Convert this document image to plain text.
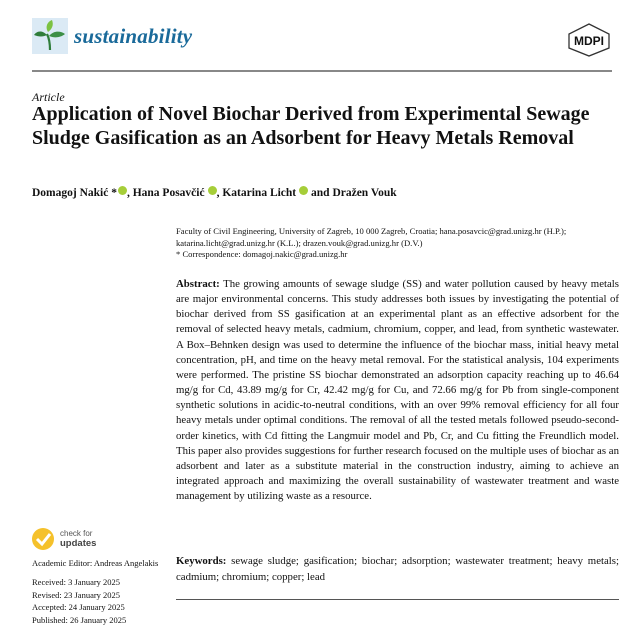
sustainability	MDPI
Article
Application of Novel Biochar Derived from Experimental Sewage Sludge Gasification as an Adsorbent for Heavy Metals Removal
Domagoj Nakić * , Hana Posavčić , Katarina Licht and Dražen Vouk
Faculty of Civil Engineering, University of Zagreb, 10 000 Zagreb, Croatia; hana.posavcic@grad.unizg.hr (H.P.); katarina.licht@grad.unizg.hr (K.L.); drazen.vouk@grad.unizg.hr (D.V.)
* Correspondence: domagoj.nakic@grad.unizg.hr
Abstract: The growing amounts of sewage sludge (SS) and water pollution caused by heavy metals are major environmental concerns. This study addresses both issues by investigating the potential of biochar derived from SS gasification at an experimental plant as an effective adsorbent for the removal of selected heavy metals, cadmium, chromium, copper, and lead, from synthetic wastewater. A Box–Behnken design was used to determine the influence of the biochar mass, initial heavy metal concentration, pH, and time on the heavy metal removal. For the statistical analysis, 104 experiments were performed. The pristine SS biochar demonstrated an adsorption capacity reaching up to 46.64 mg/g for Cd, 43.89 mg/g for Cr, 42.42 mg/g for Cu, and 72.66 mg/g for Pb from single-component synthetic solutions in acidic-to-neutral conditions, with an over 99% removal efficiency for all four heavy metals under optimal conditions. The removal of all the tested metals followed pseudo-second-order kinetics, with Cd fitting the Langmuir model and Pb, Cr, and Cu fitting the Freundlich model. This paper also provides suggestions for further research focused on the multiple uses of biochar as an adsorbent and later as a substitute material in the construction industry, aiming to achieve an integrated approach and maximizing the overall sustainability of wastewater treatment and waste management by utilizing waste as a resource.
Keywords: sewage sludge; gasification; biochar; adsorption; wastewater treatment; heavy metals; cadmium; chromium; copper; lead
check for
updates
Academic Editor: Andreas Angelakis
Received: 3 January 2025
Revised: 23 January 2025
Accepted: 24 January 2025
Published: 26 January 2025
